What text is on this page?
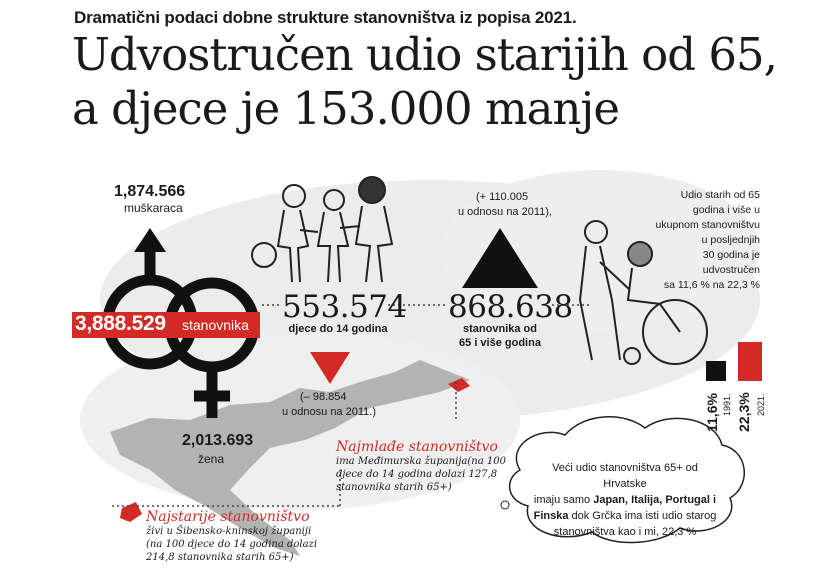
Dramatični podaci dobne strukture stanovništva iz popisa 2021.
Udvostručen udio starijih od 65, a djece je 153.000 manje
3,888.529 stanovnika
1,874.566
muškaraca
2,013.693
žena
553.574
djece do 14 godina
(– 98.854
u odnosu na 2011.)
(+ 110.005
u odnosu na 2011),
868.638
stanovnika od
65 i više godina
Udio starih od 65
godina i više u
ukupnom stanovništvu
u posljednjih
30 godina je
udvostručen
sa 11,6 % na 22,3 %
11,6% 1991. 22,3% 2021.
Najmlađe stanovništvo
ima Međimurska županija(na 100
djece do 14 godina dolazi 127,8
stanovnika starih 65+)
Najstarije stanovništvo
živi u Šibensko-kninskoj županiji
(na 100 djece do 14 godina dolazi
214,8 stanovnika starih 65+)
Veći udio stanovništva 65+ od Hrvatske
imaju samo Japan, Italija, Portugal i
Finska dok Grčka ima isti udio starog
stanovništva kao i mi, 22,3 %
